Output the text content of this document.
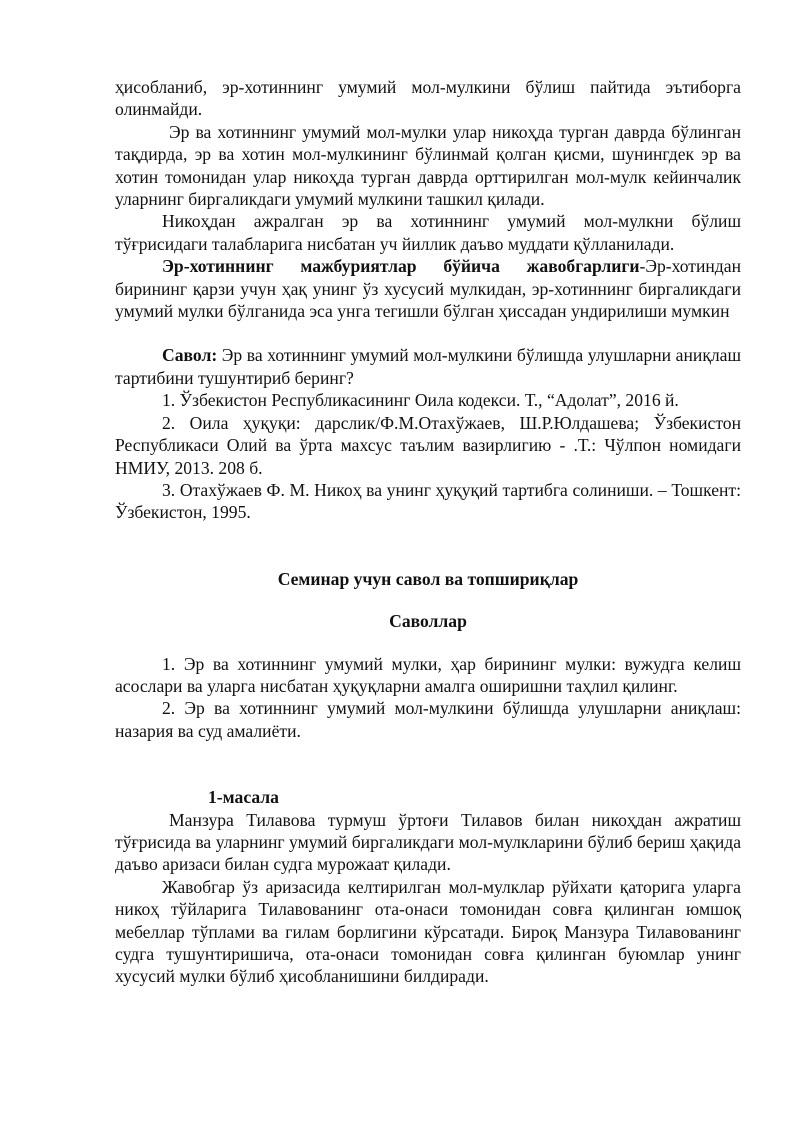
ҳисобланиб, эр-хотиннинг умумий мол-мулкини бўлиш пайтида эътиборга олинмайди.

Эр ва хотиннинг умумий мол-мулки улар никоҳда турган даврда бўлинган тақдирда, эр ва хотин мол-мулкининг бўлинмай қолган қисми, шунингдек эр ва хотин томонидан улар никоҳда турган даврда орттирилган мол-мулк кейинчалик уларнинг биргаликдаги умумий мулкини ташкил қилади.

Никоҳдан ажралган эр ва хотиннинг умумий мол-мулкни бўлиш тўғрисидаги талабларига нисбатан уч йиллик даъво муддати қўлланилади.

Эр-хотиннинг мажбуриятлар бўйича жавобгарлиги-Эр-хотиндан бирининг қарзи учун ҳақ унинг ўз хусусий мулкидан, эр-хотиннинг биргаликдаги умумий мулки бўлганида эса унга тегишли бўлган ҳиссадан ундирилиши мумкин

Савол: Эр ва хотиннинг умумий мол-мулкини бўлишда улушларни аниқлаш тартибини тушунтириб беринг?

1. Ўзбекистон Республикасининг Оила кодекси. Т., “Адолат”, 2016 й.

2. Оила ҳуқуқи: дарслик/Ф.М.Отахўжаев, Ш.Р.Юлдашева; Ўзбекистон Республикаси Олий ва ўрта махсус таълим вазирлигию - .Т.: Чўлпон номидаги НМИУ, 2013. 208 б.

3. Отахўжаев Ф. М. Никоҳ ва унинг ҳуқуқий тартибга солиниши. – Тошкент: Ўзбекистон, 1995.

Семинар учун савол ва топшириқлар

Саволлар

1. Эр ва хотиннинг умумий мулки, ҳар бирининг мулки: вужудга келиш асослари ва уларга нисбатан ҳуқуқларни амалга оширишни таҳлил қилинг.

2. Эр ва хотиннинг умумий мол-мулкини бўлишда улушларни аниқлаш: назария ва суд амалиёти.

1-масала

Манзура Тилавова турмуш ўртоғи Тилавов билан никоҳдан ажратиш тўғрисида ва уларнинг умумий биргаликдаги мол-мулкларини бўлиб бериш ҳақида даъво аризаси билан судга мурожаат қилади.

Жавобгар ўз аризасида келтирилган мол-мулклар рўйхати қаторига уларга никоҳ тўйларига Тилавованинг ота-онаси томонидан совға қилинган юмшоқ мебеллар тўплами ва гилам борлигини кўрсатади. Бироқ Манзура Тилавованинг судга тушунтиришича, ота-онаси томонидан совға қилинган буюмлар унинг хусусий мулки бўлиб ҳисобланишини билдиради.
